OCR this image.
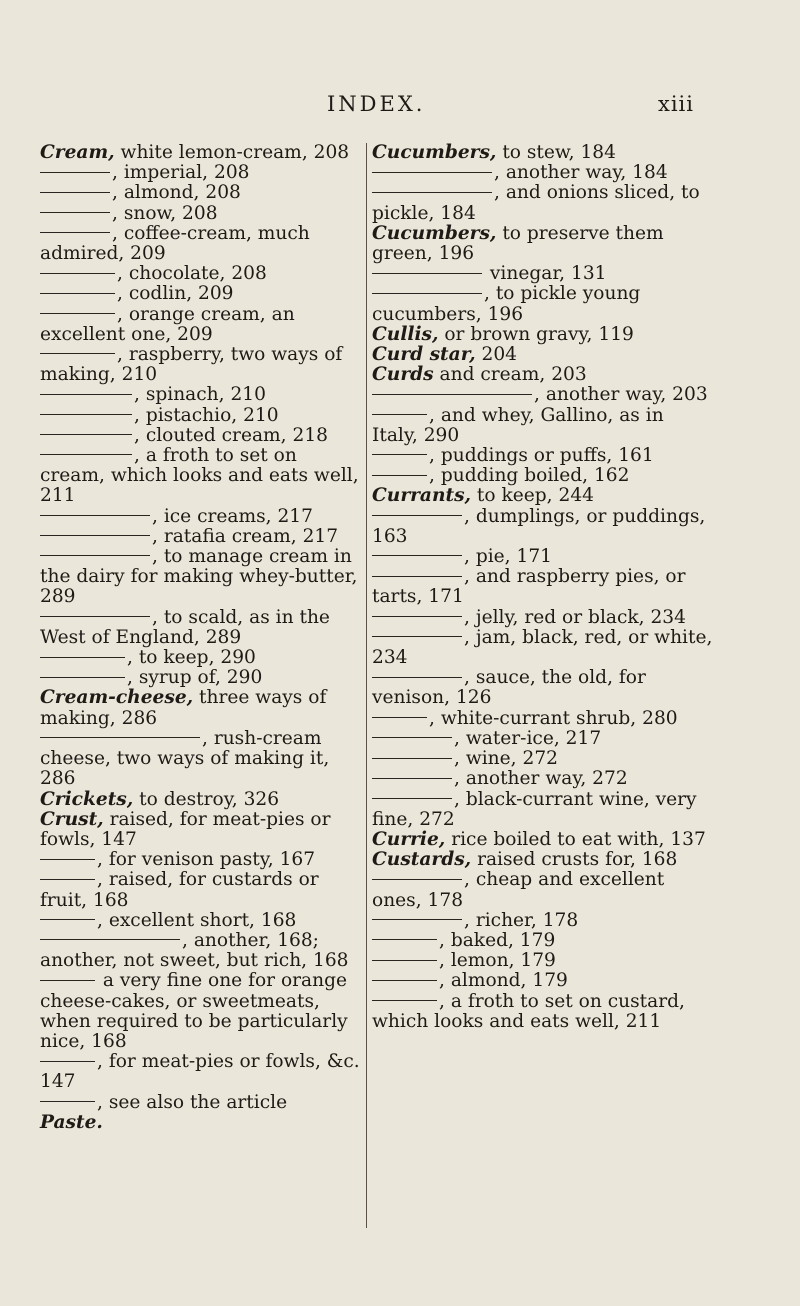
INDEX.	xiii

Cream, white lemon-cream, 208

, imperial, 208

, almond, 208

, snow, 208

, coffee-cream, much admired, 209

, chocolate, 208

, codlin, 209

, orange cream, an excellent one, 209

, raspberry, two ways of making, 210

, spinach, 210

, pistachio, 210

, clouted cream, 218

, a froth to set on cream, which looks and eats well, 211

, ice creams, 217

, ratafia cream, 217

, to manage cream in the dairy for making whey-butter, 289

, to scald, as in the West of England, 289

, to keep, 290

, syrup of, 290

Cream-cheese, three ways of making, 286

, rush-cream cheese, two ways of making it, 286

Crickets, to destroy, 326

Crust, raised, for meat-pies or fowls, 147

, for venison pasty, 167

, raised, for custards or fruit, 168

, excellent short, 168

, another, 168; another, not sweet, but rich, 168

a very fine one for orange cheese-cakes, or sweetmeats, when required to be particularly nice, 168

, for meat-pies or fowls, &c. 147

, see also the article

Paste.

Cucumbers, to stew, 184

, another way, 184

, and onions sliced, to pickle, 184

Cucumbers, to preserve them green, 196

vinegar, 131

, to pickle young cucumbers, 196

Cullis, or brown gravy, 119

Curd star, 204

Curds and cream, 203

, another way, 203

, and whey, Gallino, as in Italy, 290

, puddings or puffs, 161

, pudding boiled, 162

Currants, to keep, 244

, dumplings, or puddings, 163

, pie, 171

, and raspberry pies, or tarts, 171

, jelly, red or black, 234

, jam, black, red, or white, 234

, sauce, the old, for venison, 126

, white-currant shrub, 280

, water-ice, 217

, wine, 272

, another way, 272

, black-currant wine, very fine, 272

Currie, rice boiled to eat with, 137

Custards, raised crusts for, 168

, cheap and excellent ones, 178

, richer, 178

, baked, 179

, lemon, 179

, almond, 179

, a froth to set on custard, which looks and eats well, 211
